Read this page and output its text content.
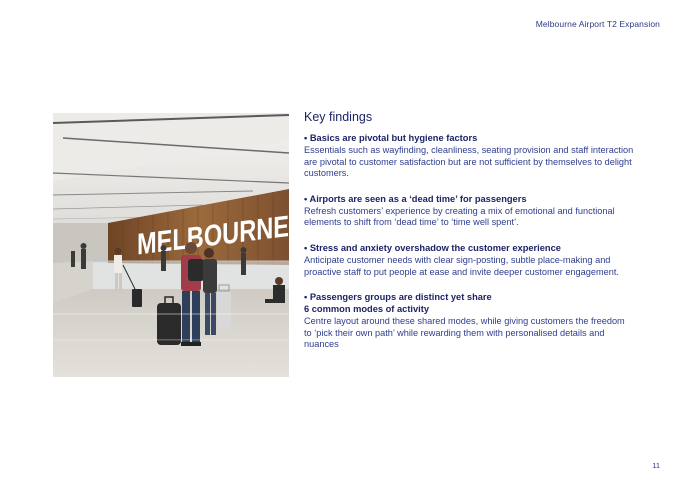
Melbourne Airport T2 Expansion
MELBOURNE
Key findings
• Basics are pivotal but hygiene factors

Essentials such as wayfinding, cleanliness, seating provision and staff interaction are pivotal to customer satisfaction but are not sufficient by themselves to delight customers.

• Airports are seen as a ‘dead time’ for passengers

Refresh customers’ experience by creating a mix of emotional and functional elements to shift from ‘dead time’ to ‘time well spent’.

• Stress and anxiety overshadow the customer experience

Anticipate customer needs with clear sign-posting, subtle place-making and proactive staff to put people at ease and invite deeper customer engagement.

• Passengers groups are distinct yet share
6 common modes of activity

Centre layout around these shared modes, while giving customers the freedom to ‘pick their own path’ while rewarding them with personalised details and nuances

11
